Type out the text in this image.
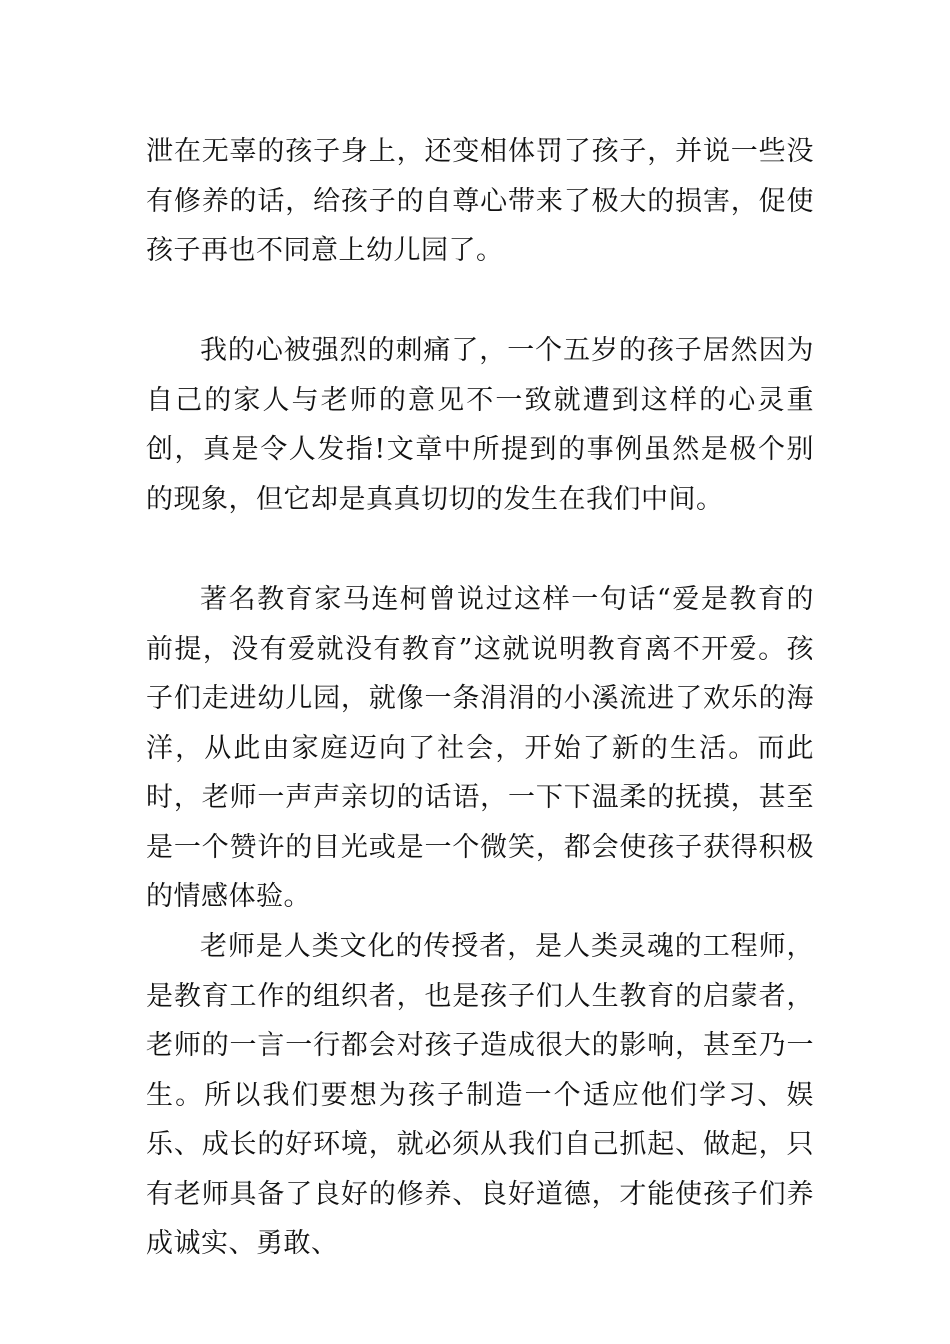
泄在无辜的孩子身上，还变相体罚了孩子，并说一些没有修养的话，给孩子的自尊心带来了极大的损害，促使孩子再也不同意上幼儿园了。

我的心被强烈的刺痛了，一个五岁的孩子居然因为自己的家人与老师的意见不一致就遭到这样的心灵重创，真是令人发指!文章中所提到的事例虽然是极个别的现象，但它却是真真切切的发生在我们中间。

著名教育家马连柯曾说过这样一句话“爱是教育的前提，没有爱就没有教育”这就说明教育离不开爱。孩子们走进幼儿园，就像一条涓涓的小溪流进了欢乐的海洋，从此由家庭迈向了社会，开始了新的生活。而此时，老师一声声亲切的话语，一下下温柔的抚摸，甚至是一个赞许的目光或是一个微笑，都会使孩子获得积极的情感体验。

老师是人类文化的传授者，是人类灵魂的工程师，是教育工作的组织者，也是孩子们人生教育的启蒙者，老师的一言一行都会对孩子造成很大的影响，甚至乃一生。所以我们要想为孩子制造一个适应他们学习、娱乐、成长的好环境，就必须从我们自己抓起、做起，只有老师具备了良好的修养、良好道德，才能使孩子们养成诚实、勇敢、
